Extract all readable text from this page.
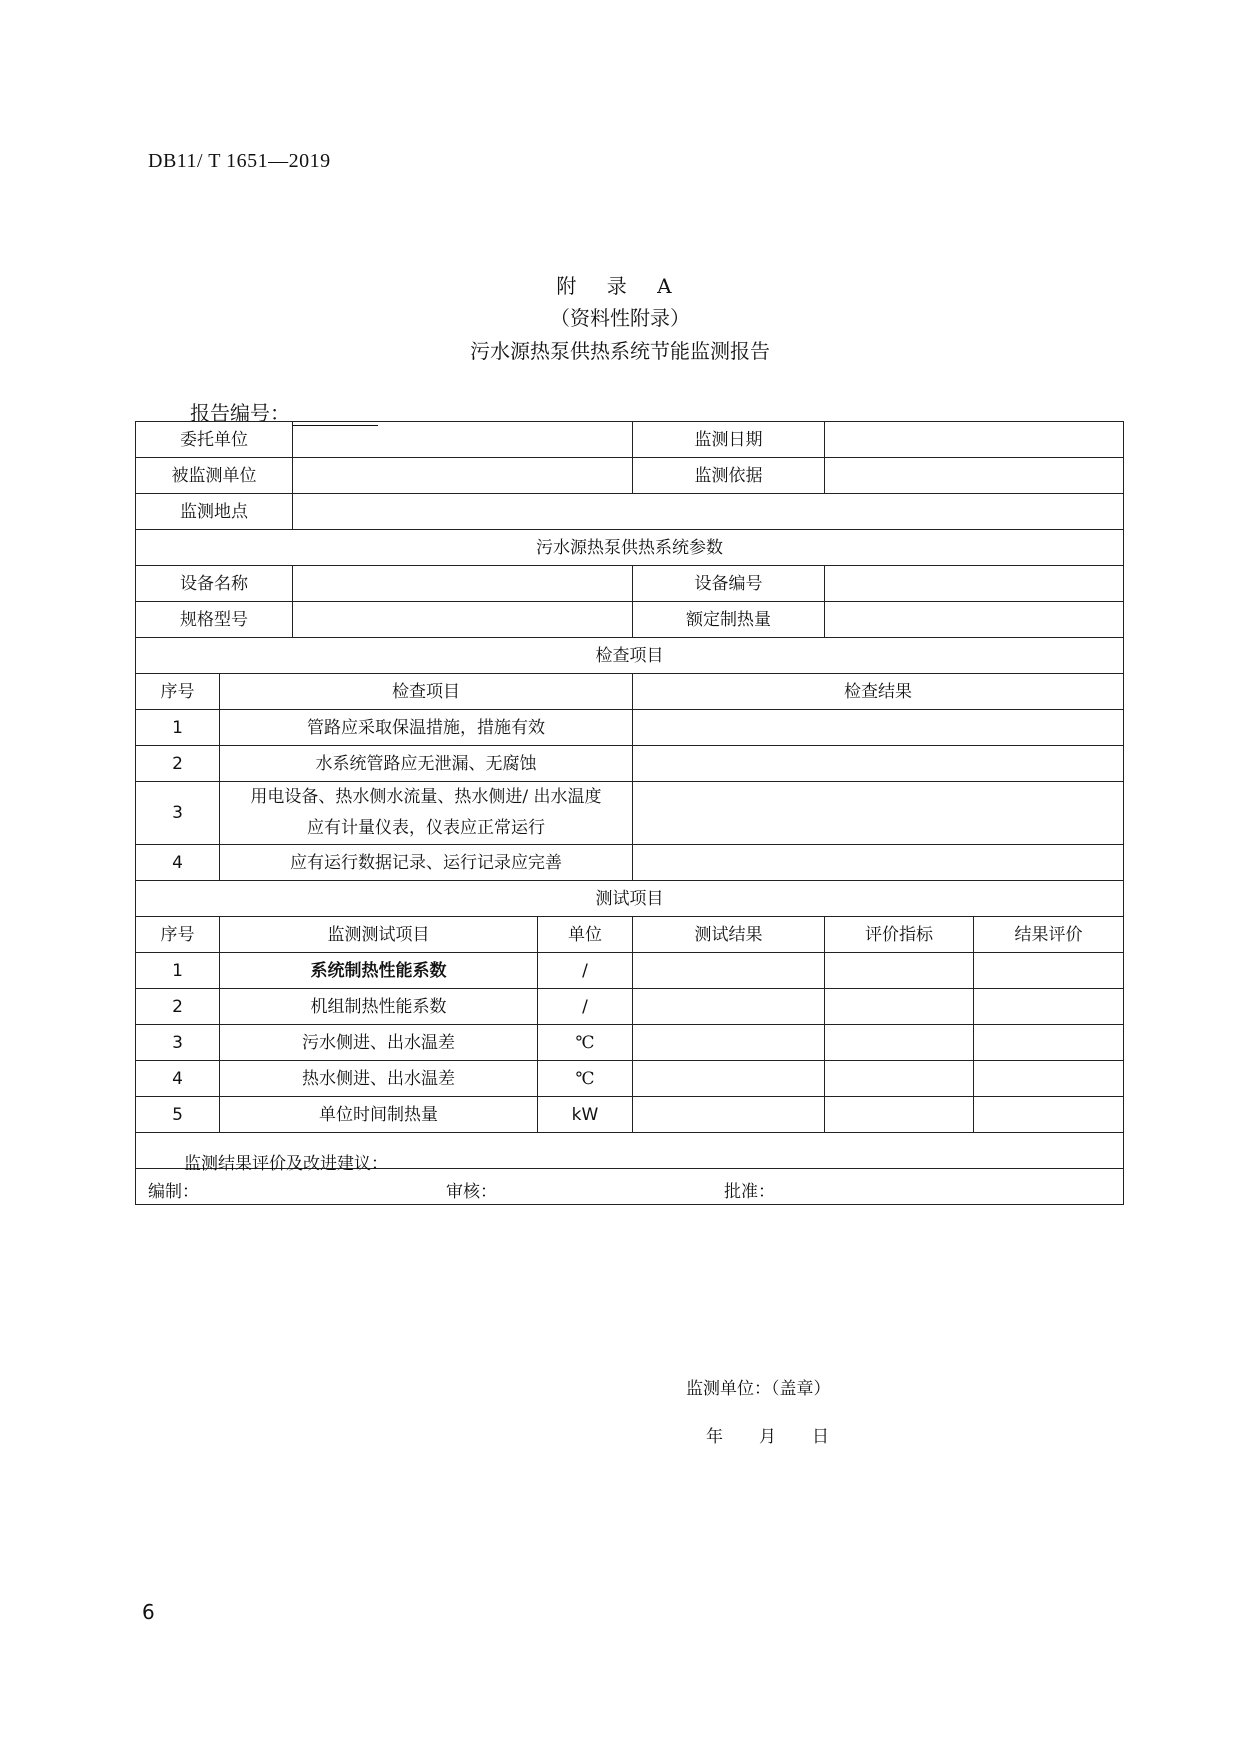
DB11/ T 1651—2019
附 录 A
（资料性附录）
污水源热泵供热系统节能监测报告
报告编号：
委托单位				监测日期		
被监测单位				监测依据		
监测地点						
污水源热泵供热系统参数						
设备名称				设备编号		
规格型号				额定制热量		
检查项目						
序号	检查项目			检查结果		
1	管路应采取保温措施，措施有效					
2	水系统管路应无泄漏、无腐蚀					
3	用电设备、热水侧水流量、热水侧进/ 出水温度
应有计量仪表，仪表应正常运行					

4	应有运行数据记录、运行记录应完善					
测试项目						
序号	监测测试项目		单位	测试结果	评价指标	结果评价
1	系统制热性能系数		/			
2	机组制热性能系数		/			
3	污水侧进、出水温差		℃			
4	热水侧进、出水温差		℃			
5	单位时间制热量		kW			

监测结果评价及改进建议：
监测单位：（盖章）
年 月 日						

编制： 审核： 批准：						
6
